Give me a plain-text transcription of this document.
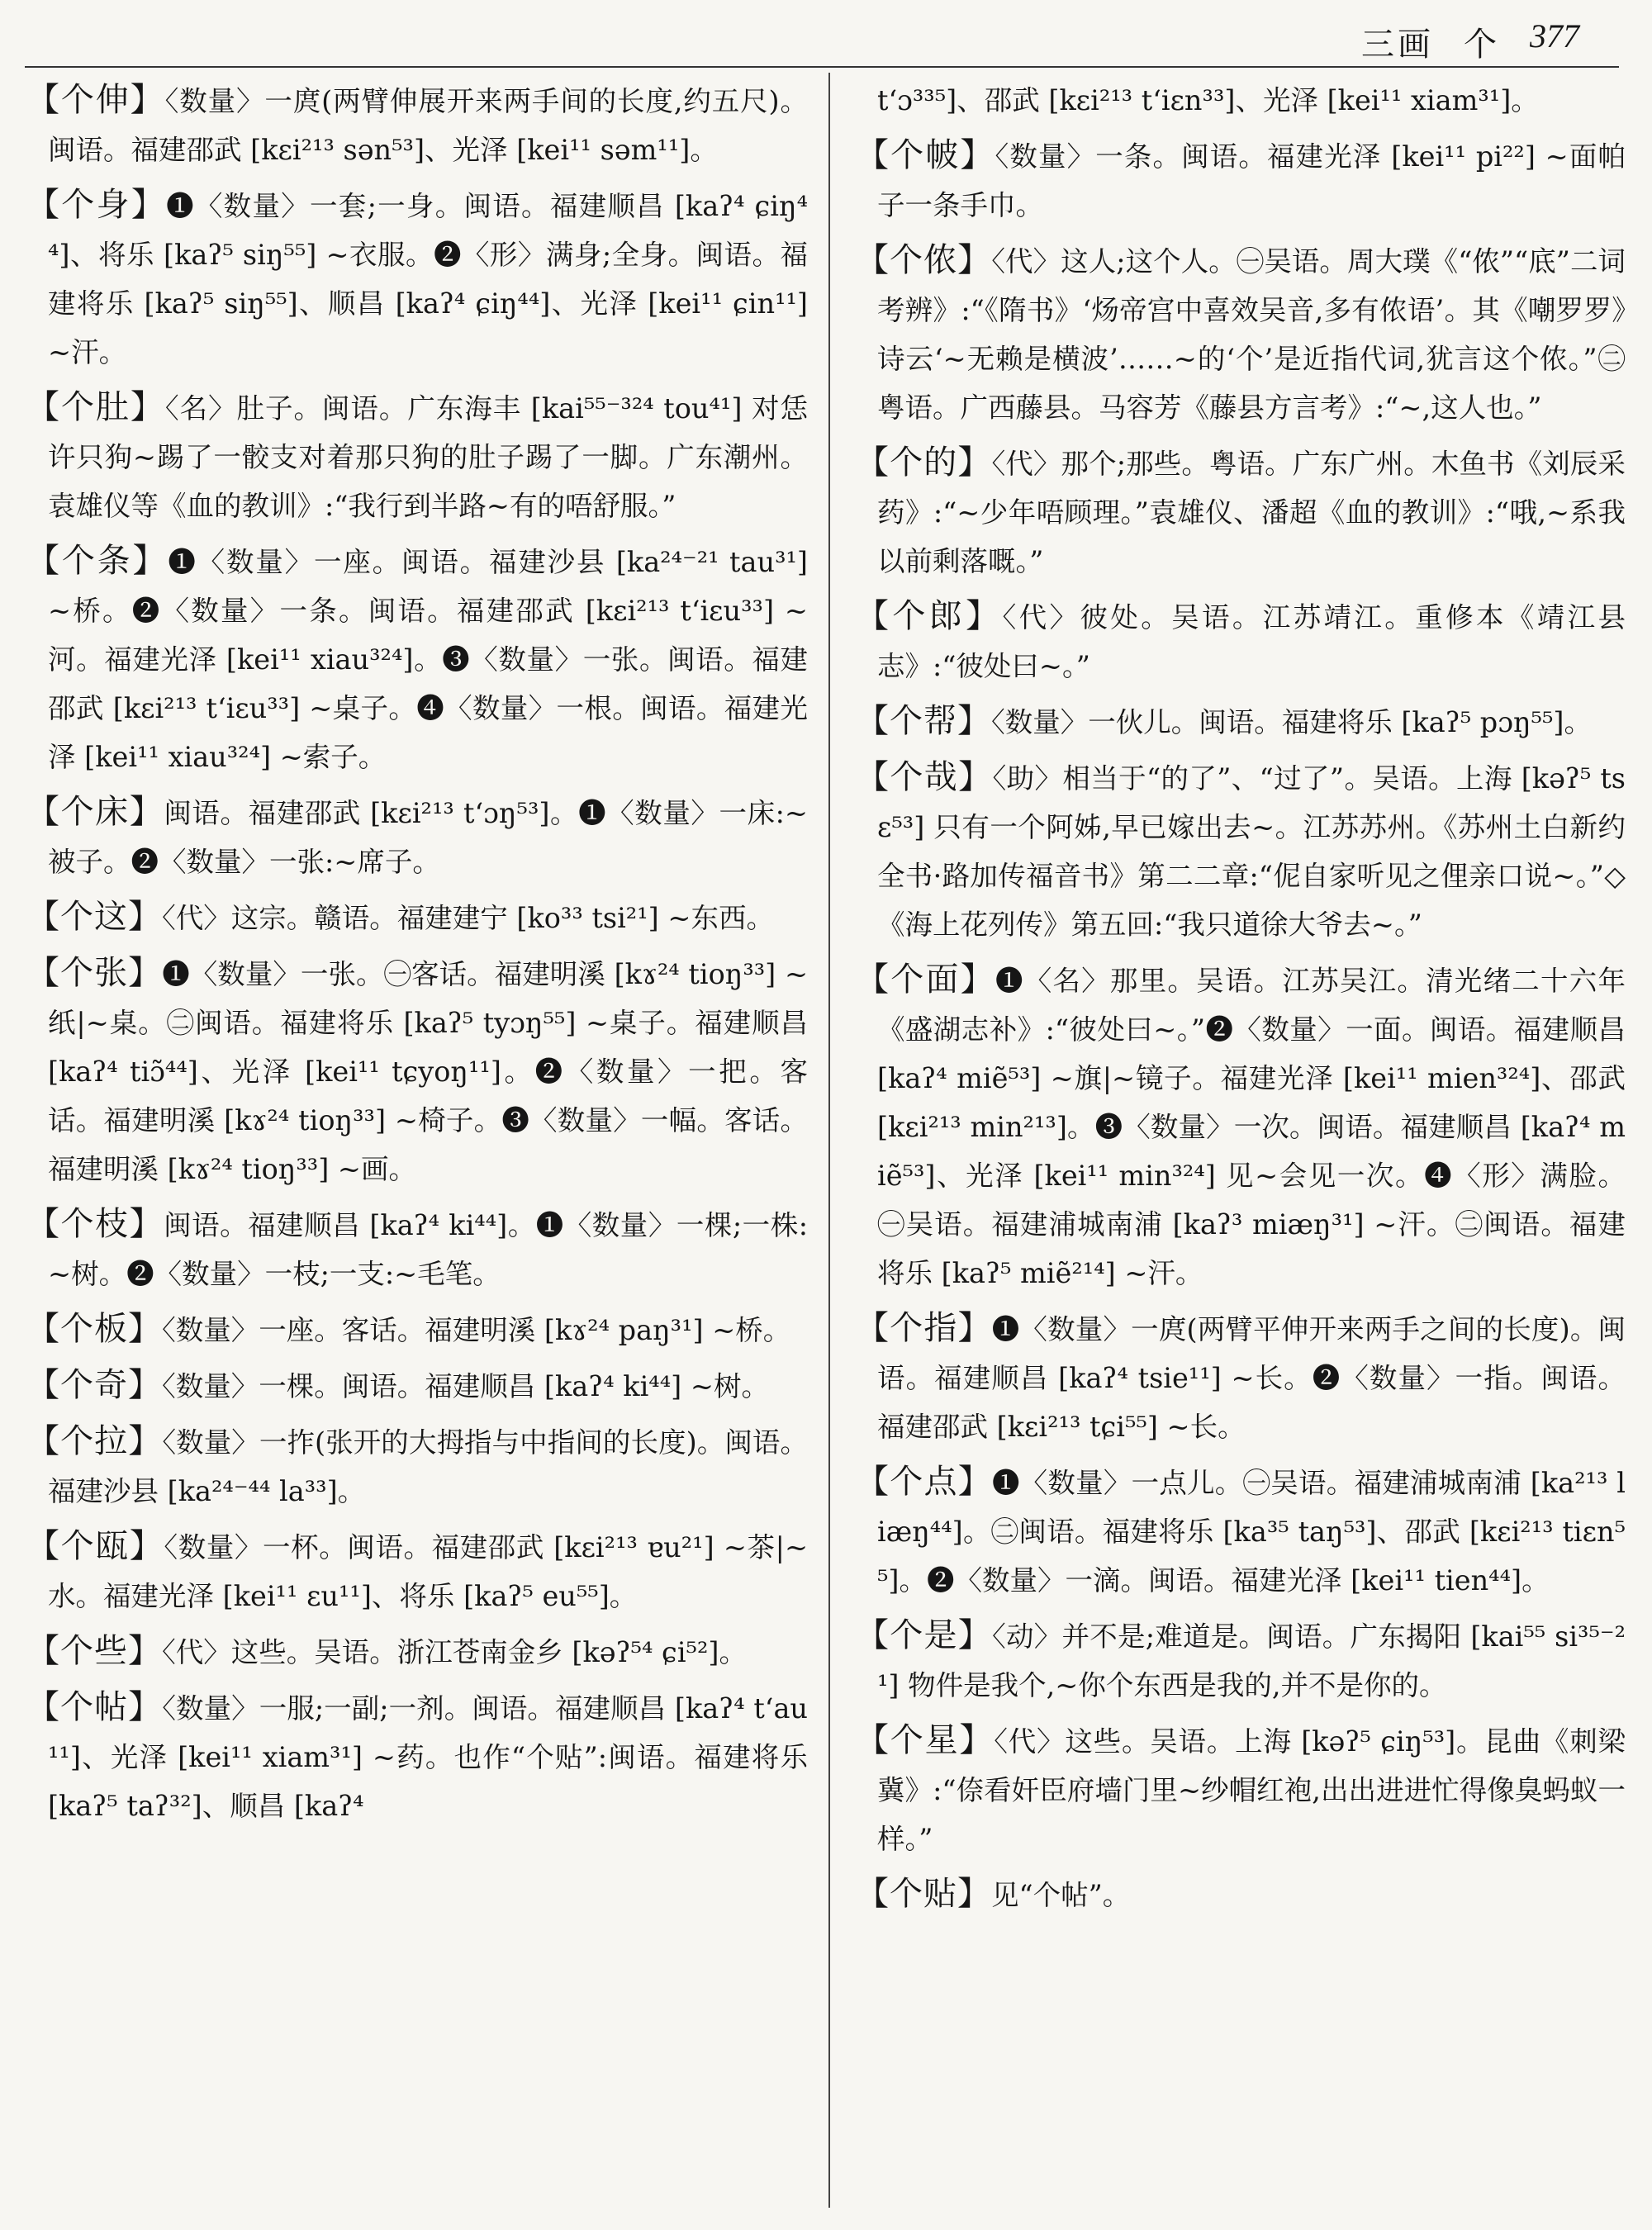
三画 个 377

【个伸】〈数量〉一庹(两臂伸展开来两手间的长度,约五尺)。闽语。福建邵武 [kεi²¹³ sən⁵³]、光泽 [kei¹¹ səm¹¹]。

【个身】❶〈数量〉一套;一身。闽语。福建顺昌 [kaʔ⁴ ɕiŋ⁴⁴]、将乐 [kaʔ⁵ siŋ⁵⁵] ~衣服。❷〈形〉满身;全身。闽语。福建将乐 [kaʔ⁵ siŋ⁵⁵]、顺昌 [kaʔ⁴ ɕiŋ⁴⁴]、光泽 [kei¹¹ ɕin¹¹] ~汗。

【个肚】〈名〉肚子。闽语。广东海丰 [kai⁵⁵⁻³²⁴ tou⁴¹] 对恁许只狗~踢了一骹支对着那只狗的肚子踢了一脚。广东潮州。袁雄仪等《血的教训》:“我行到半路~有的唔舒服。”

【个条】❶〈数量〉一座。闽语。福建沙县 [ka²⁴⁻²¹ tau³¹] ~桥。❷〈数量〉一条。闽语。福建邵武 [kεi²¹³ tʻiεu³³] ~河。福建光泽 [kei¹¹ xiau³²⁴]。❸〈数量〉一张。闽语。福建邵武 [kεi²¹³ tʻiεu³³] ~桌子。❹〈数量〉一根。闽语。福建光泽 [kei¹¹ xiau³²⁴] ~索子。

【个床】闽语。福建邵武 [kεi²¹³ tʻɔŋ⁵³]。❶〈数量〉一床:~被子。❷〈数量〉一张:~席子。

【个这】〈代〉这宗。赣语。福建建宁 [ko³³ tsi²¹] ~东西。

【个张】❶〈数量〉一张。㊀客话。福建明溪 [kɤ²⁴ tioŋ³³] ~纸|~桌。㊁闽语。福建将乐 [kaʔ⁵ tyɔŋ⁵⁵] ~桌子。福建顺昌 [kaʔ⁴ tiɔ̃⁴⁴]、光泽 [kei¹¹ tɕyoŋ¹¹]。❷〈数量〉一把。客话。福建明溪 [kɤ²⁴ tioŋ³³] ~椅子。❸〈数量〉一幅。客话。福建明溪 [kɤ²⁴ tioŋ³³] ~画。

【个枝】闽语。福建顺昌 [kaʔ⁴ ki⁴⁴]。❶〈数量〉一棵;一株:~树。❷〈数量〉一枝;一支:~毛笔。

【个板】〈数量〉一座。客话。福建明溪 [kɤ²⁴ paŋ³¹] ~桥。

【个奇】〈数量〉一棵。闽语。福建顺昌 [kaʔ⁴ ki⁴⁴] ~树。

【个拉】〈数量〉一拃(张开的大拇指与中指间的长度)。闽语。福建沙县 [ka²⁴⁻⁴⁴ la³³]。

【个瓯】〈数量〉一杯。闽语。福建邵武 [kεi²¹³ ɐu²¹] ~茶|~水。福建光泽 [kei¹¹ εu¹¹]、将乐 [kaʔ⁵ eu⁵⁵]。

【个些】〈代〉这些。吴语。浙江苍南金乡 [kəʔ⁵⁴ ɕi⁵²]。

【个帖】〈数量〉一服;一副;一剂。闽语。福建顺昌 [kaʔ⁴ tʻau¹¹]、光泽 [kei¹¹ xiam³¹] ~药。也作“个贴”:闽语。福建将乐 [kaʔ⁵ taʔ³²]、顺昌 [kaʔ⁴

tʻɔ³³⁵]、邵武 [kεi²¹³ tʻiεn³³]、光泽 [kei¹¹ xiam³¹]。

【个帔】〈数量〉一条。闽语。福建光泽 [kei¹¹ pi²²] ~面帕子一条手巾。

【个侬】〈代〉这人;这个人。㊀吴语。周大璞《“侬”“底”二词考辨》:“《隋书》‘炀帝宫中喜效吴音,多有侬语’。其《嘲罗罗》诗云‘~无赖是横波’……~的‘个’是近指代词,犹言这个侬。”㊁粤语。广西藤县。马容芳《藤县方言考》:“~,这人也。”

【个的】〈代〉那个;那些。粤语。广东广州。木鱼书《刘辰采药》:“~少年唔顾理。”袁雄仪、潘超《血的教训》:“哦,~系我以前剩落嘅。”

【个郎】〈代〉彼处。吴语。江苏靖江。重修本《靖江县志》:“彼处曰~。”

【个帮】〈数量〉一伙儿。闽语。福建将乐 [kaʔ⁵ pɔŋ⁵⁵]。

【个哉】〈助〉相当于“的了”、“过了”。吴语。上海 [kəʔ⁵ tsε⁵³] 只有一个阿姊,早已嫁出去~。江苏苏州。《苏州土白新约全书·路加传福音书》第二二章:“伲自家听见之俚亲口说~。”◇《海上花列传》第五回:“我只道徐大爷去~。”

【个面】❶〈名〉那里。吴语。江苏吴江。清光绪二十六年《盛湖志补》:“彼处曰~。”❷〈数量〉一面。闽语。福建顺昌 [kaʔ⁴ miẽ⁵³] ~旗|~镜子。福建光泽 [kei¹¹ mien³²⁴]、邵武 [kεi²¹³ min²¹³]。❸〈数量〉一次。闽语。福建顺昌 [kaʔ⁴ miẽ⁵³]、光泽 [kei¹¹ min³²⁴] 见~会见一次。❹〈形〉满脸。㊀吴语。福建浦城南浦 [kaʔ³ miæŋ³¹] ~汗。㊁闽语。福建将乐 [kaʔ⁵ miẽ²¹⁴] ~汗。

【个指】❶〈数量〉一庹(两臂平伸开来两手之间的长度)。闽语。福建顺昌 [kaʔ⁴ tsie¹¹] ~长。❷〈数量〉一指。闽语。福建邵武 [kεi²¹³ tɕi⁵⁵] ~长。

【个点】❶〈数量〉一点儿。㊀吴语。福建浦城南浦 [ka²¹³ liæŋ⁴⁴]。㊁闽语。福建将乐 [ka³⁵ taŋ⁵³]、邵武 [kεi²¹³ tiεn⁵⁵]。❷〈数量〉一滴。闽语。福建光泽 [kei¹¹ tien⁴⁴]。

【个是】〈动〉并不是;难道是。闽语。广东揭阳 [kai⁵⁵ si³⁵⁻²¹] 物件是我个,~你个东西是我的,并不是你的。

【个星】〈代〉这些。吴语。上海 [kəʔ⁵ ɕiŋ⁵³]。昆曲《刺梁冀》:“倷看奸臣府墙门里~纱帽红袍,出出进进忙得像臭蚂蚁一样。”

【个贴】见“个帖”。
